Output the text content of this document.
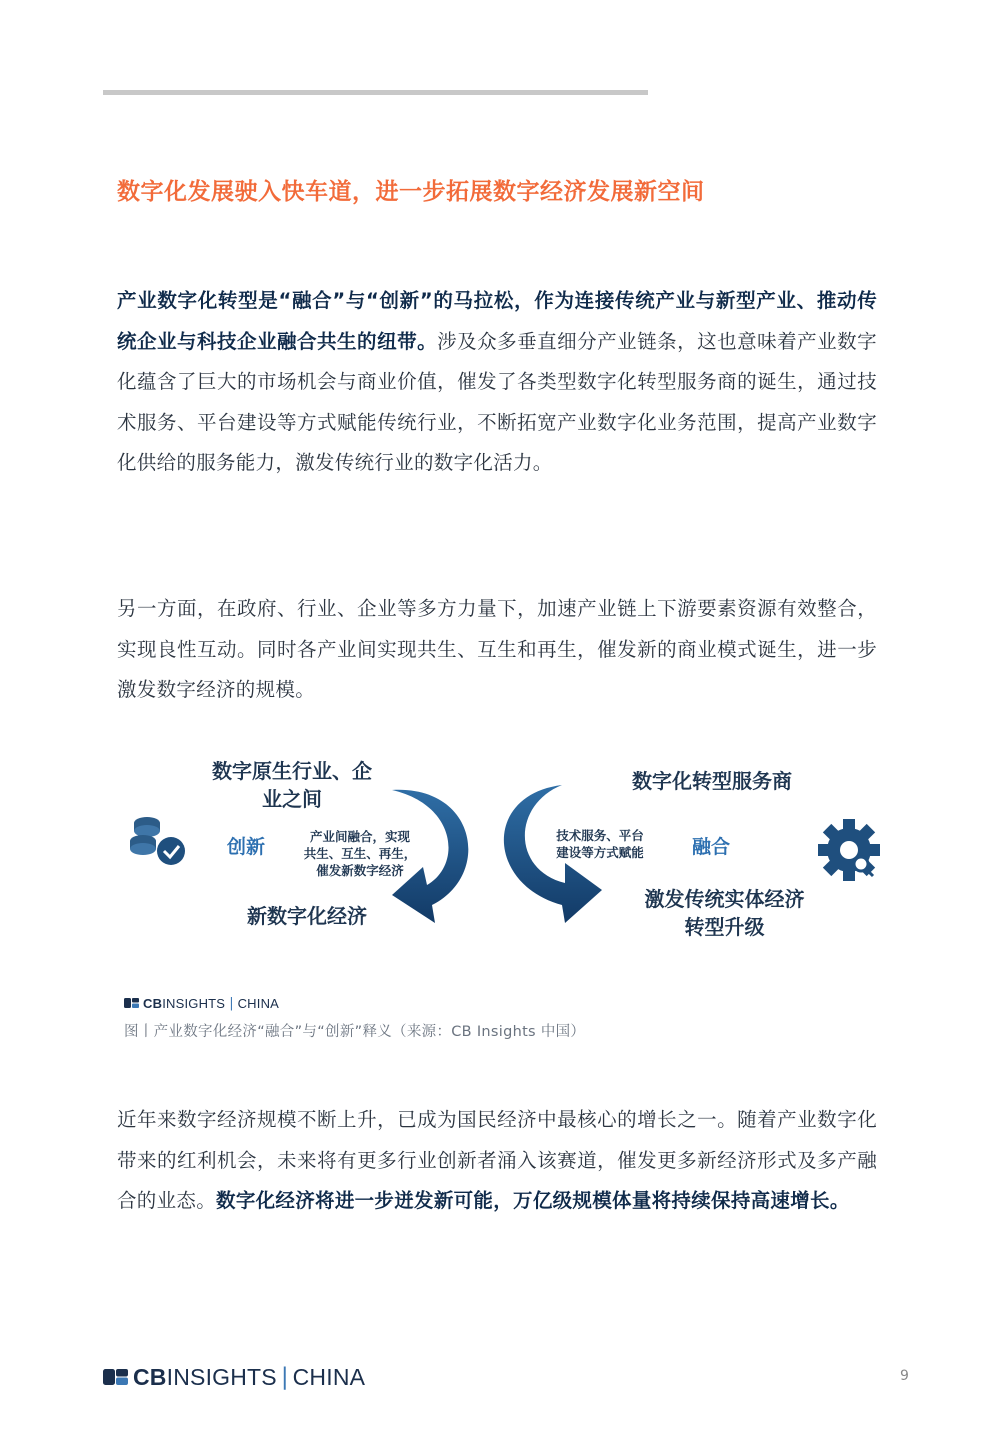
数字化发展驶入快车道，进一步拓展数字经济发展新空间
产业数字化转型是“融合”与“创新”的马拉松，作为连接传统产业与新型产业、推动传统企业与科技企业融合共生的纽带。涉及众多垂直细分产业链条，这也意味着产业数字化蕴含了巨大的市场机会与商业价值，催发了各类型数字化转型服务商的诞生，通过技术服务、平台建设等方式赋能传统行业，不断拓宽产业数字化业务范围，提高产业数字化供给的服务能力，激发传统行业的数字化活力。
另一方面，在政府、行业、企业等多方力量下，加速产业链上下游要素资源有效整合，实现良性互动。同时各产业间实现共生、互生和再生，催发新的商业模式诞生，进一步激发数字经济的规模。
数字原生行业、企
业之间
创新	产业间融合，实现
共生、互生、再生，
催发新数字经济
新数字化经济
数字化转型服务商
技术服务、平台
建设等方式赋能	融合
激发传统实体经济
转型升级
CB INSIGHTS | CHINA
图丨产业数字化经济“融合”与“创新”释义（来源：CB Insights 中国）
近年来数字经济规模不断上升，已成为国民经济中最核心的增长之一。随着产业数字化带来的红利机会，未来将有更多行业创新者涌入该赛道，催发更多新经济形式及多产融合的业态。数字化经济将进一步迸发新可能，万亿级规模体量将持续保持高速增长。
CB INSIGHTS | CHINA	9
